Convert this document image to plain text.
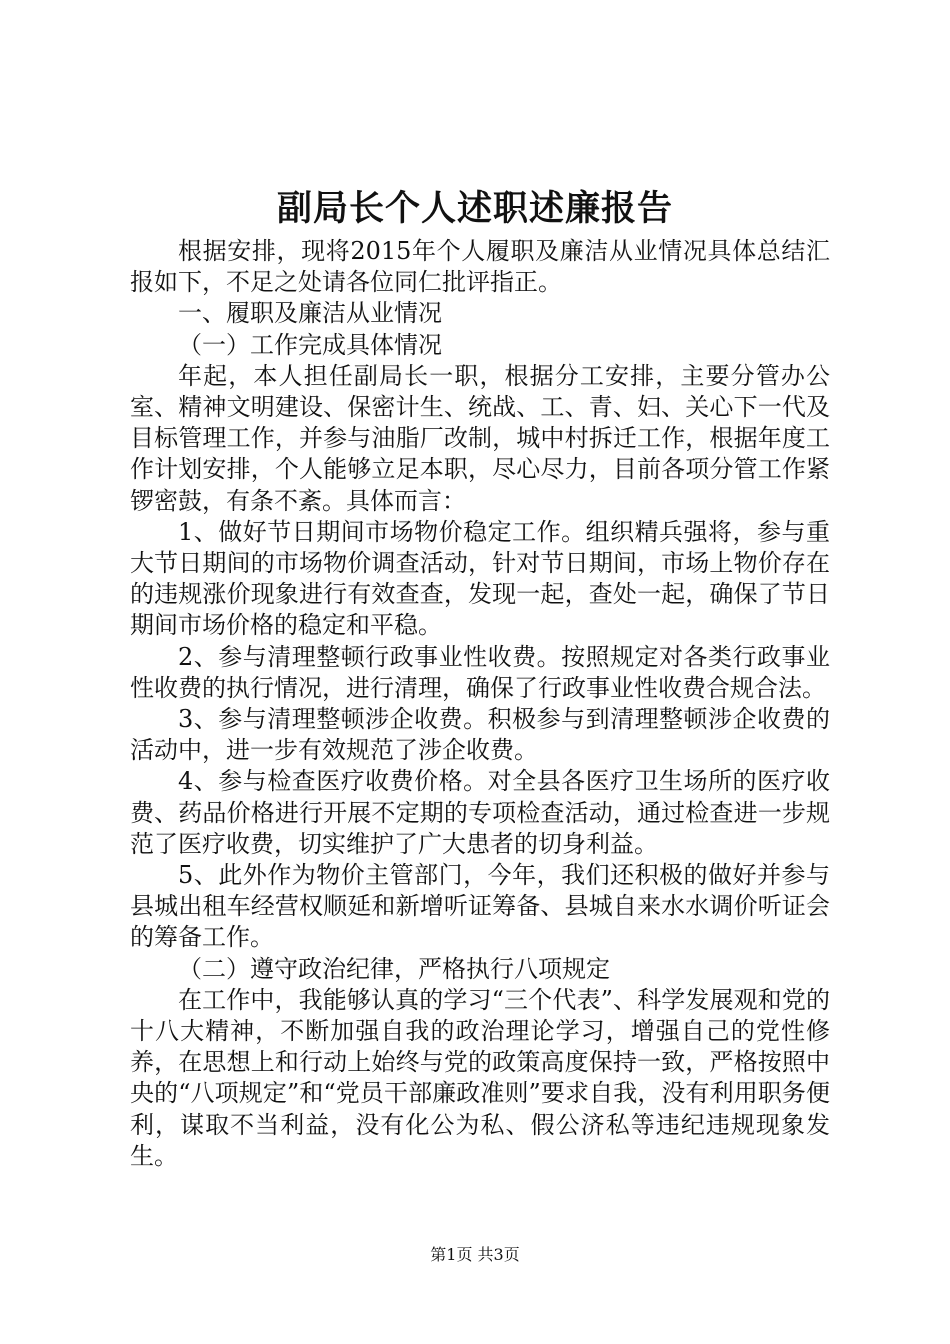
副局长个人述职述廉报告

根据安排，现将2015年个人履职及廉洁从业情况具体总结汇报如下，不足之处请各位同仁批评指正。

一、履职及廉洁从业情况

（一）工作完成具体情况

年起，本人担任副局长一职，根据分工安排，主要分管办公室、精神文明建设、保密计生、统战、工、青、妇、关心下一代及目标管理工作，并参与油脂厂改制，城中村拆迁工作，根据年度工作计划安排，个人能够立足本职，尽心尽力，目前各项分管工作紧锣密鼓，有条不紊。具体而言：

1、做好节日期间市场物价稳定工作。组织精兵强将，参与重大节日期间的市场物价调查活动，针对节日期间，市场上物价存在的违规涨价现象进行有效查查，发现一起，查处一起，确保了节日期间市场价格的稳定和平稳。

2、参与清理整顿行政事业性收费。按照规定对各类行政事业性收费的执行情况，进行清理，确保了行政事业性收费合规合法。

3、参与清理整顿涉企收费。积极参与到清理整顿涉企收费的活动中，进一步有效规范了涉企收费。

4、参与检查医疗收费价格。对全县各医疗卫生场所的医疗收费、药品价格进行开展不定期的专项检查活动，通过检查进一步规范了医疗收费，切实维护了广大患者的切身利益。

5、此外作为物价主管部门，今年，我们还积极的做好并参与县城出租车经营权顺延和新增听证筹备、县城自来水水调价听证会的筹备工作。

（二）遵守政治纪律，严格执行八项规定

在工作中，我能够认真的学习“三个代表”、科学发展观和党的十八大精神，不断加强自我的政治理论学习，增强自己的党性修养，在思想上和行动上始终与党的政策高度保持一致，严格按照中央的“八项规定”和“党员干部廉政准则”要求自我，没有利用职务便利，谋取不当利益，没有化公为私、假公济私等违纪违规现象发生。

第1页 共3页
